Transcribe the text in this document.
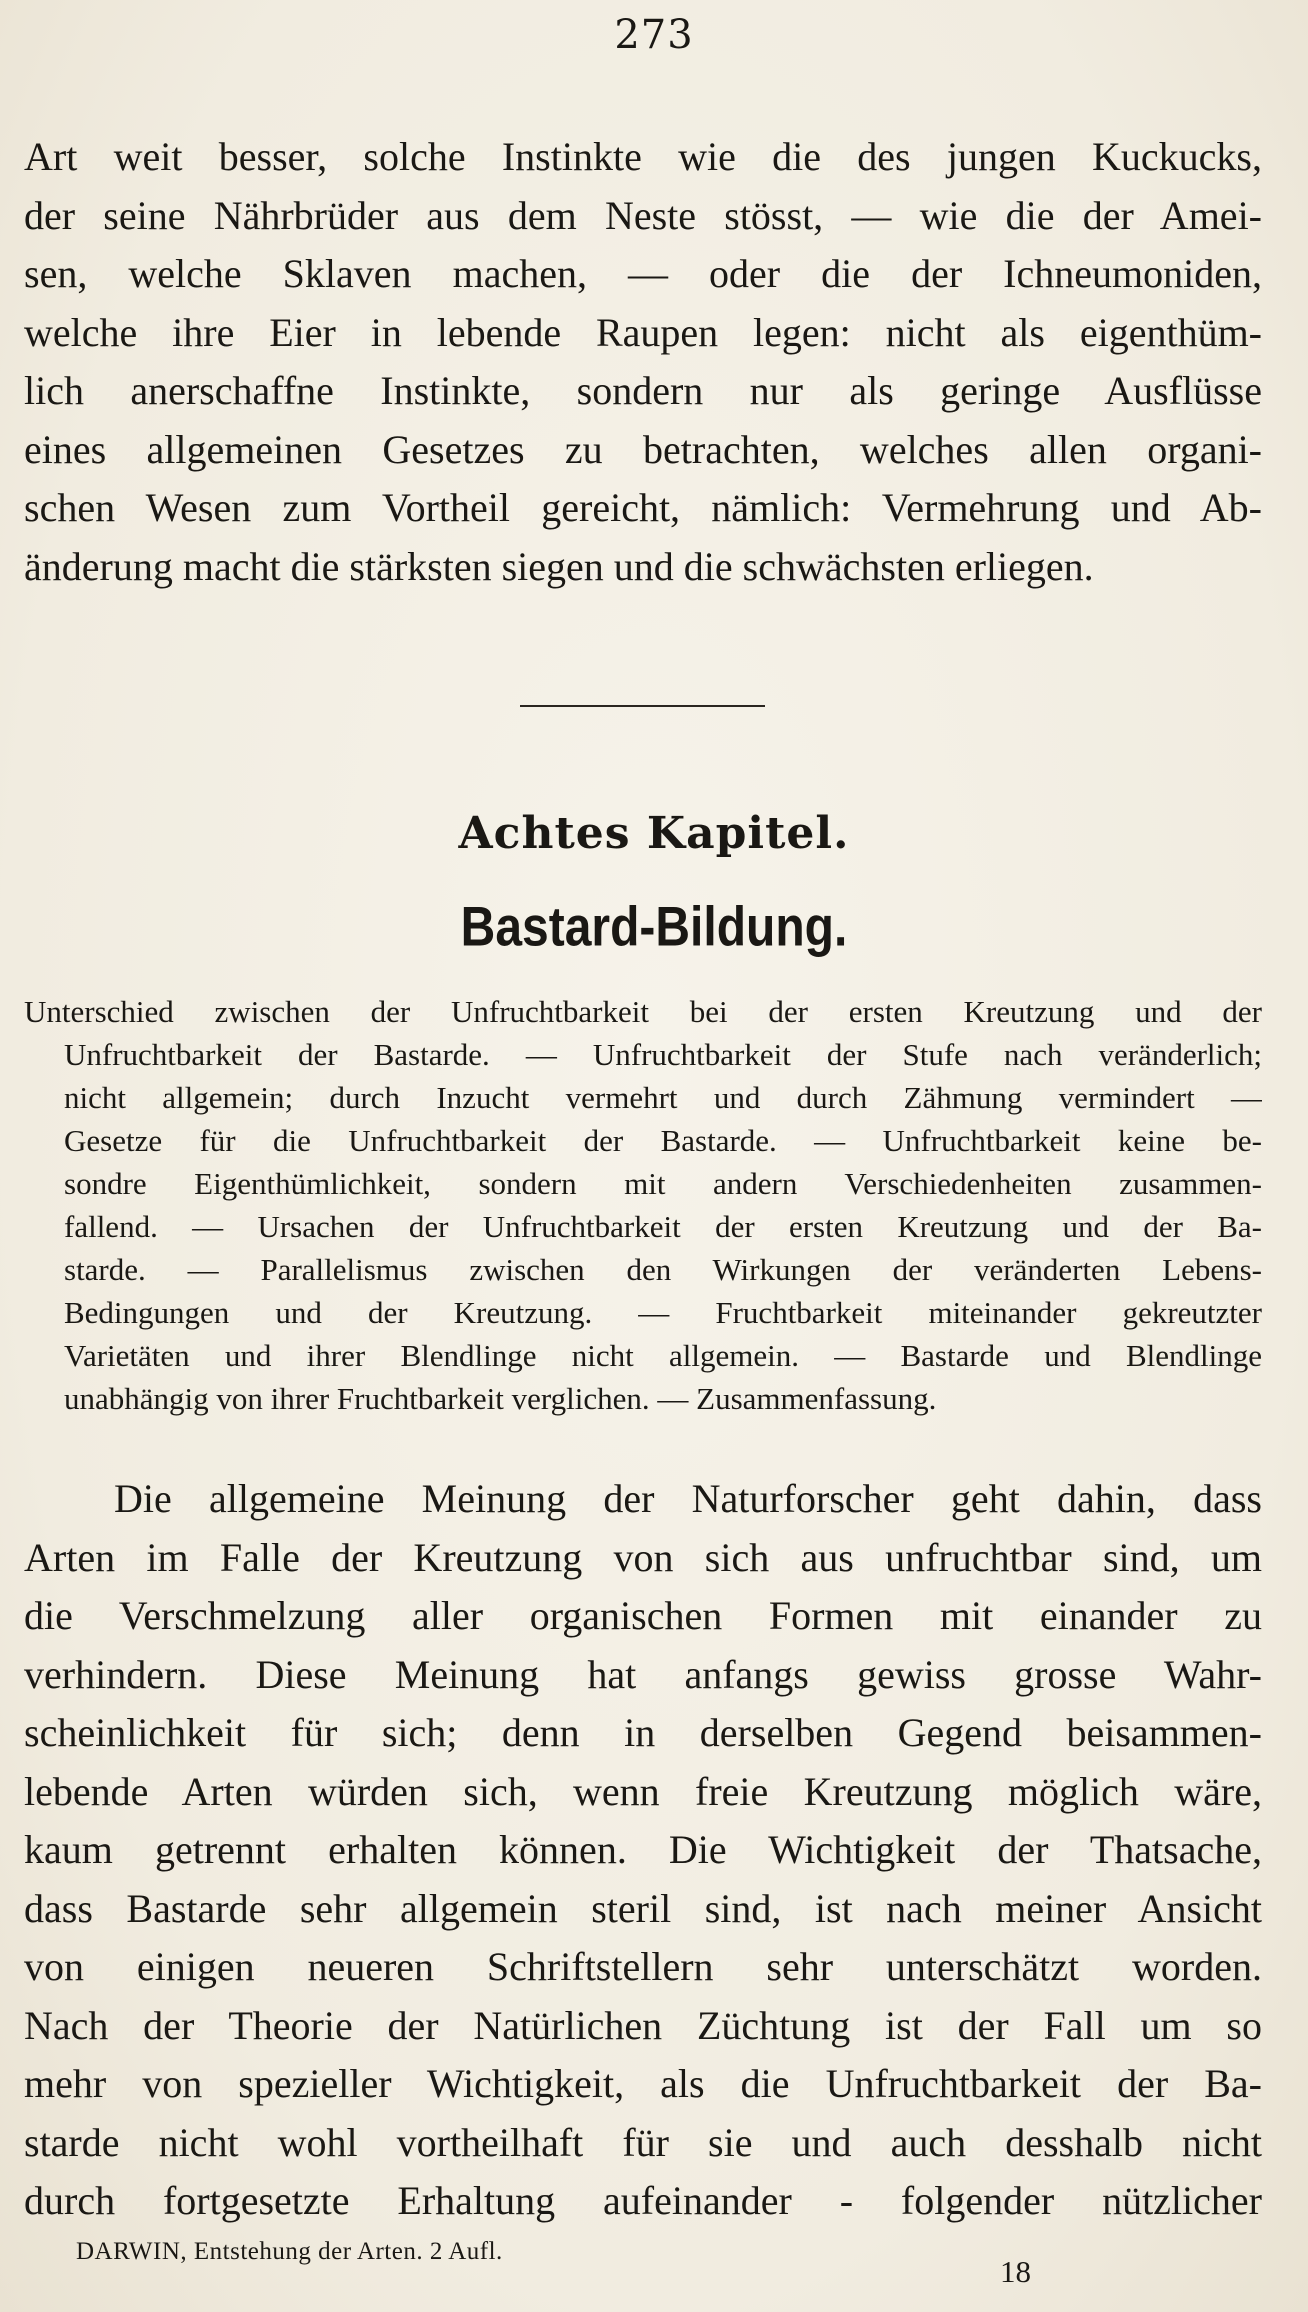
273
Art weit besser, solche Instinkte wie die des jungen Kuckucks,
der seine Nährbrüder aus dem Neste stösst, — wie die der Amei-
sen, welche Sklaven machen, — oder die der Ichneumoniden,
welche ihre Eier in lebende Raupen legen: nicht als eigenthüm-
lich anerschaffne Instinkte, sondern nur als geringe Ausflüsse
eines allgemeinen Gesetzes zu betrachten, welches allen organi-
schen Wesen zum Vortheil gereicht, nämlich: Vermehrung und Ab-
änderung macht die stärksten siegen und die schwächsten erliegen.
Achtes Kapitel.
Bastard-Bildung.
Unterschied zwischen der Unfruchtbarkeit bei der ersten Kreutzung und der
Unfruchtbarkeit der Bastarde. — Unfruchtbarkeit der Stufe nach veränderlich;
nicht allgemein; durch Inzucht vermehrt und durch Zähmung vermindert —
Gesetze für die Unfruchtbarkeit der Bastarde. — Unfruchtbarkeit keine be-
sondre Eigenthümlichkeit, sondern mit andern Verschiedenheiten zusammen-
fallend. — Ursachen der Unfruchtbarkeit der ersten Kreutzung und der Ba-
starde. — Parallelismus zwischen den Wirkungen der veränderten Lebens-
Bedingungen und der Kreutzung. — Fruchtbarkeit miteinander gekreutzter
Varietäten und ihrer Blendlinge nicht allgemein. — Bastarde und Blendlinge
unabhängig von ihrer Fruchtbarkeit verglichen. — Zusammenfassung.
Die allgemeine Meinung der Naturforscher geht dahin, dass
Arten im Falle der Kreutzung von sich aus unfruchtbar sind, um
die Verschmelzung aller organischen Formen mit einander zu
verhindern. Diese Meinung hat anfangs gewiss grosse Wahr-
scheinlichkeit für sich; denn in derselben Gegend beisammen-
lebende Arten würden sich, wenn freie Kreutzung möglich wäre,
kaum getrennt erhalten können. Die Wichtigkeit der Thatsache,
dass Bastarde sehr allgemein steril sind, ist nach meiner Ansicht
von einigen neueren Schriftstellern sehr unterschätzt worden.
Nach der Theorie der Natürlichen Züchtung ist der Fall um so
mehr von spezieller Wichtigkeit, als die Unfruchtbarkeit der Ba-
starde nicht wohl vortheilhaft für sie und auch desshalb nicht
durch fortgesetzte Erhaltung aufeinander - folgender nützlicher
DARWIN, Entstehung der Arten. 2 Aufl.
18
